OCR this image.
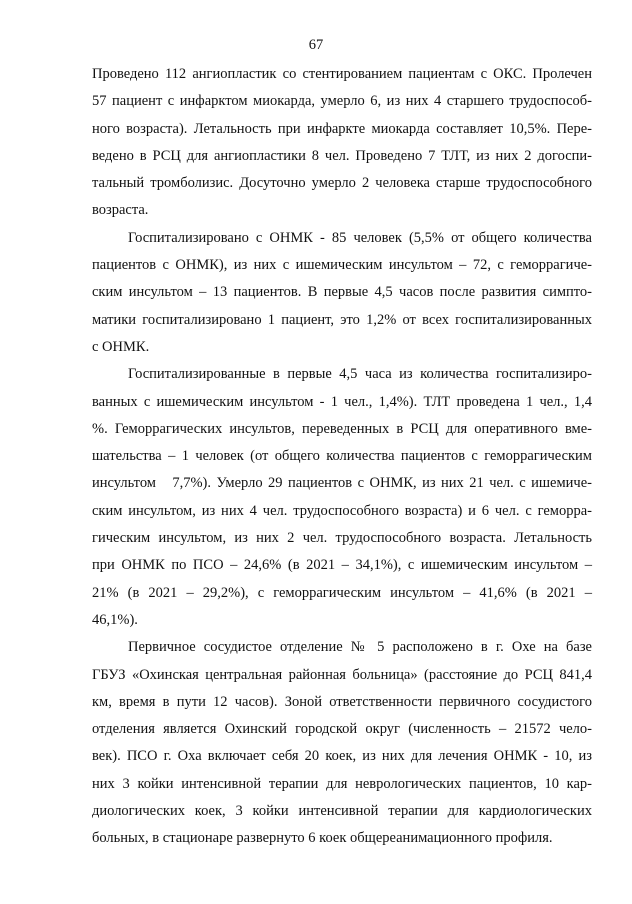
67
Проведено 112 ангиопластик со стентированием пациентам с ОКС. Пролечен
57 пациент с инфарктом миокарда, умерло 6, из них 4 старшего трудоспособ-
ного возраста). Летальность при инфаркте миокарда составляет 10,5%. Пере-
ведено в РСЦ для ангиопластики 8 чел. Проведено 7 ТЛТ, из них 2 догоспи-
тальный тромболизис. Досуточно умерло 2 человека старше трудоспособного
возраста.
Госпитализировано с ОНМК - 85 человек (5,5% от общего количества
пациентов с ОНМК), из них с ишемическим инсультом – 72, с геморрагиче-
ским инсультом – 13 пациентов. В первые 4,5 часов после развития симпто-
матики госпитализировано 1 пациент, это 1,2% от всех госпитализированных
с ОНМК.
Госпитализированные в первые 4,5 часа из количества госпитализиро-
ванных с ишемическим инсультом - 1 чел., 1,4%). ТЛТ проведена 1 чел., 1,4
%. Геморрагических инсультов, переведенных в РСЦ для оперативного вме-
шательства – 1 человек (от общего количества пациентов с геморрагическим
инсультом   7,7%). Умерло 29 пациентов с ОНМК, из них 21 чел. с ишемиче-
ским инсультом, из них 4 чел. трудоспособного возраста) и 6 чел. с геморра-
гическим инсультом, из них 2 чел. трудоспособного возраста. Летальность
при ОНМК по ПСО – 24,6% (в 2021 – 34,1%), с ишемическим инсультом –
21% (в 2021 – 29,2%), с геморрагическим инсультом – 41,6% (в 2021 –
46,1%).
Первичное сосудистое отделение № 5 расположено в г. Охе на базе
ГБУЗ «Охинская центральная районная больница» (расстояние до РСЦ 841,4
км, время в пути 12 часов). Зоной ответственности первичного сосудистого
отделения является Охинский городской округ (численность – 21572 чело-
век). ПСО г. Оха включает себя 20 коек, из них для лечения ОНМК - 10, из
них 3 койки интенсивной терапии для неврологических пациентов, 10 кар-
диологических коек, 3 койки интенсивной терапии для кардиологических
больных, в стационаре развернуто 6 коек общереанимационного профиля.
